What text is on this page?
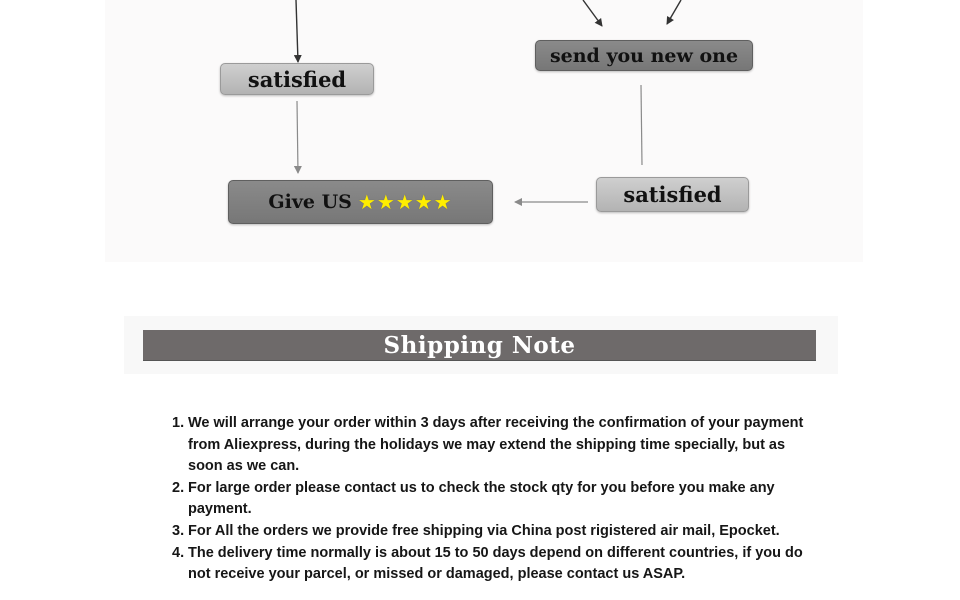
satisfied
send you new one
satisfied
Give US ★★★★★
Shipping Note
1. We will arrange your order within 3 days after receiving the confirmation of your payment from Aliexpress, during the holidays we may extend the shipping time specially, but as soon as we can.
2. For large order please contact us to check the stock qty for you before you make any payment.
3. For All the orders we provide free shipping via China post rigistered air mail, Epocket.
4. The delivery time normally is about 15 to 50 days depend on different countries, if you do not receive your parcel, or missed or damaged, please contact us ASAP.
